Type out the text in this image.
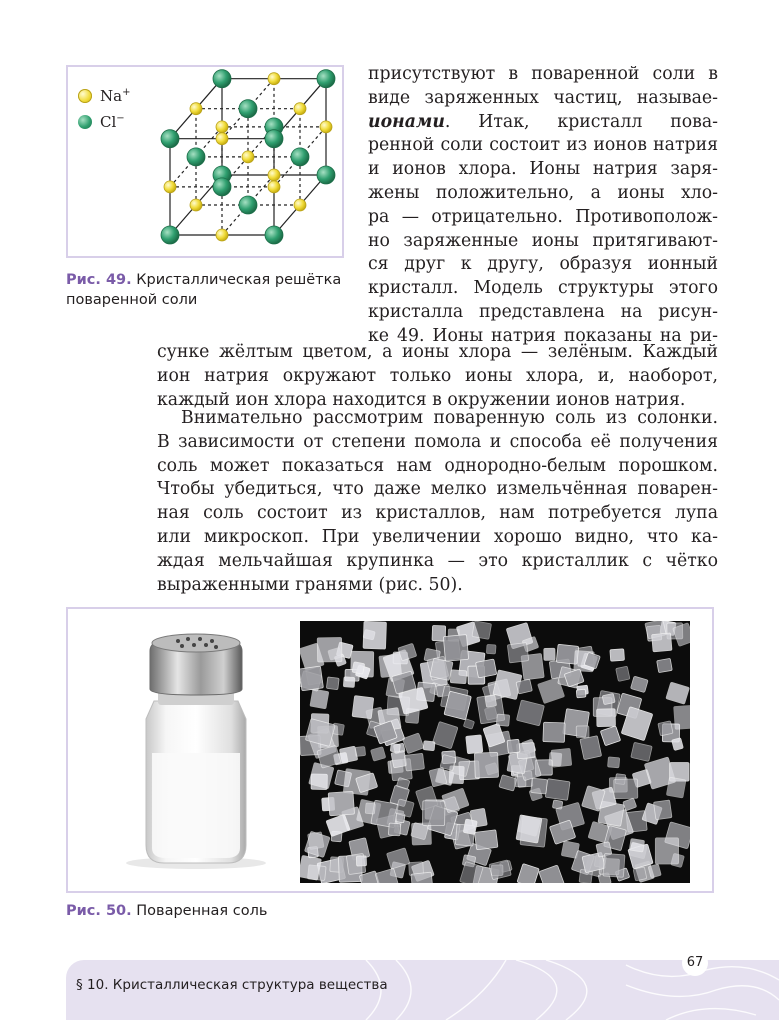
Na+
Cl−
Рис. 49. Кристаллическая решётка поваренной соли
присутствуют в поваренной соли в
виде заряженных частиц, называе-
ионами. Итак, кристалл пова-
ренной соли состоит из ионов натрия
и ионов хлора. Ионы натрия заря-
жены положительно, а ионы хло-
ра — отрицательно. Противополож-
но заряженные ионы притягивают-
ся друг к другу, образуя ионный
кристалл. Модель структуры этого
кристалла представлена на рисун-
ке 49. Ионы натрия показаны на ри-
сунке жёлтым цветом, а ионы хлора — зелёным. Каждый
ион натрия окружают только ионы хлора, и, наоборот,
каждый ион хлора находится в окружении ионов натрия.
Внимательно рассмотрим поваренную соль из солонки.
В зависимости от степени помола и способа её получения
соль может показаться нам однородно-белым порошком.
Чтобы убедиться, что даже мелко измельчённая поварен-
ная соль состоит из кристаллов, нам потребуется лупа
или микроскоп. При увеличении хорошо видно, что ка-
ждая мельчайшая крупинка — это кристаллик с чётко
выраженными гранями (рис. 50).
Рис. 50. Поваренная соль
§ 10. Кристаллическая структура вещества
67
